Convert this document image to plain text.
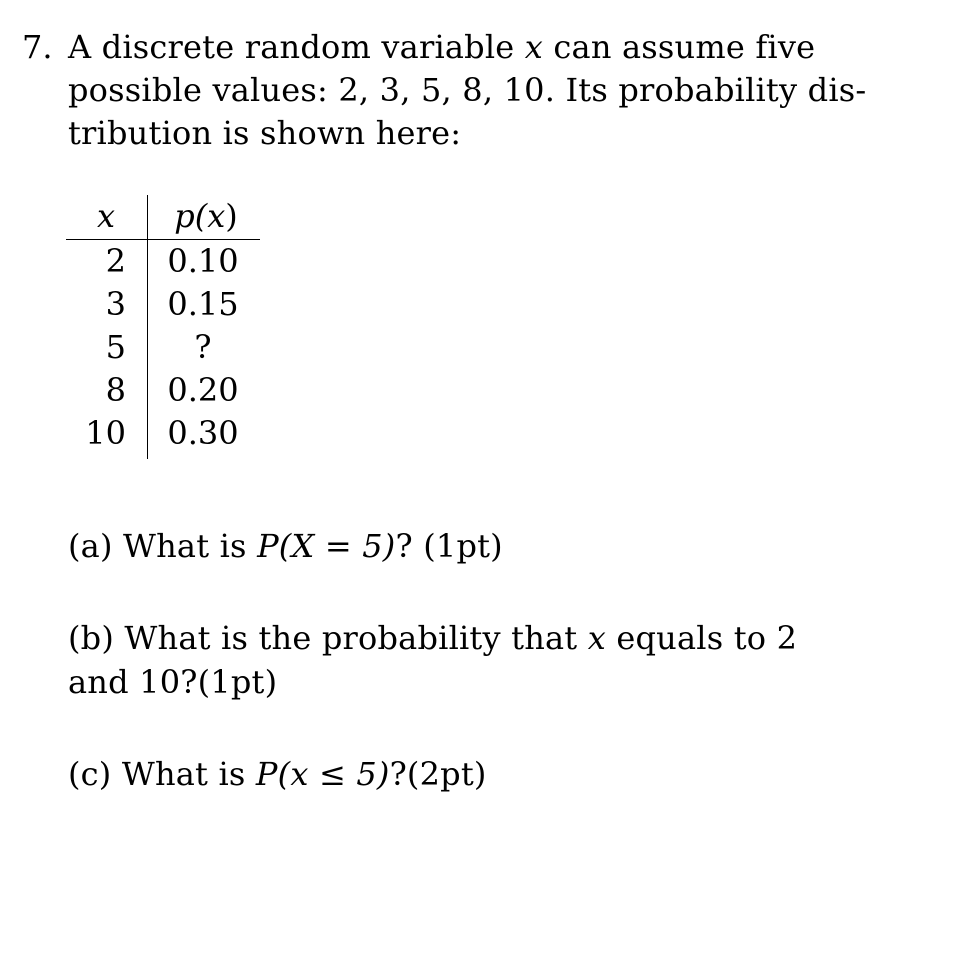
7. A discrete random variable x can assume five
possible values: 2, 3, 5, 8, 10. Its probability dis-
tribution is shown here:
x p(x)
2 0.10
3 0.15
5	?
8 0.20
10 0.30
(a) What is P(X = 5)? (1pt)
(b) What is the probability that x equals to 2
and 10?(1pt)
(c) What is P(x ≤ 5)?(2pt)
